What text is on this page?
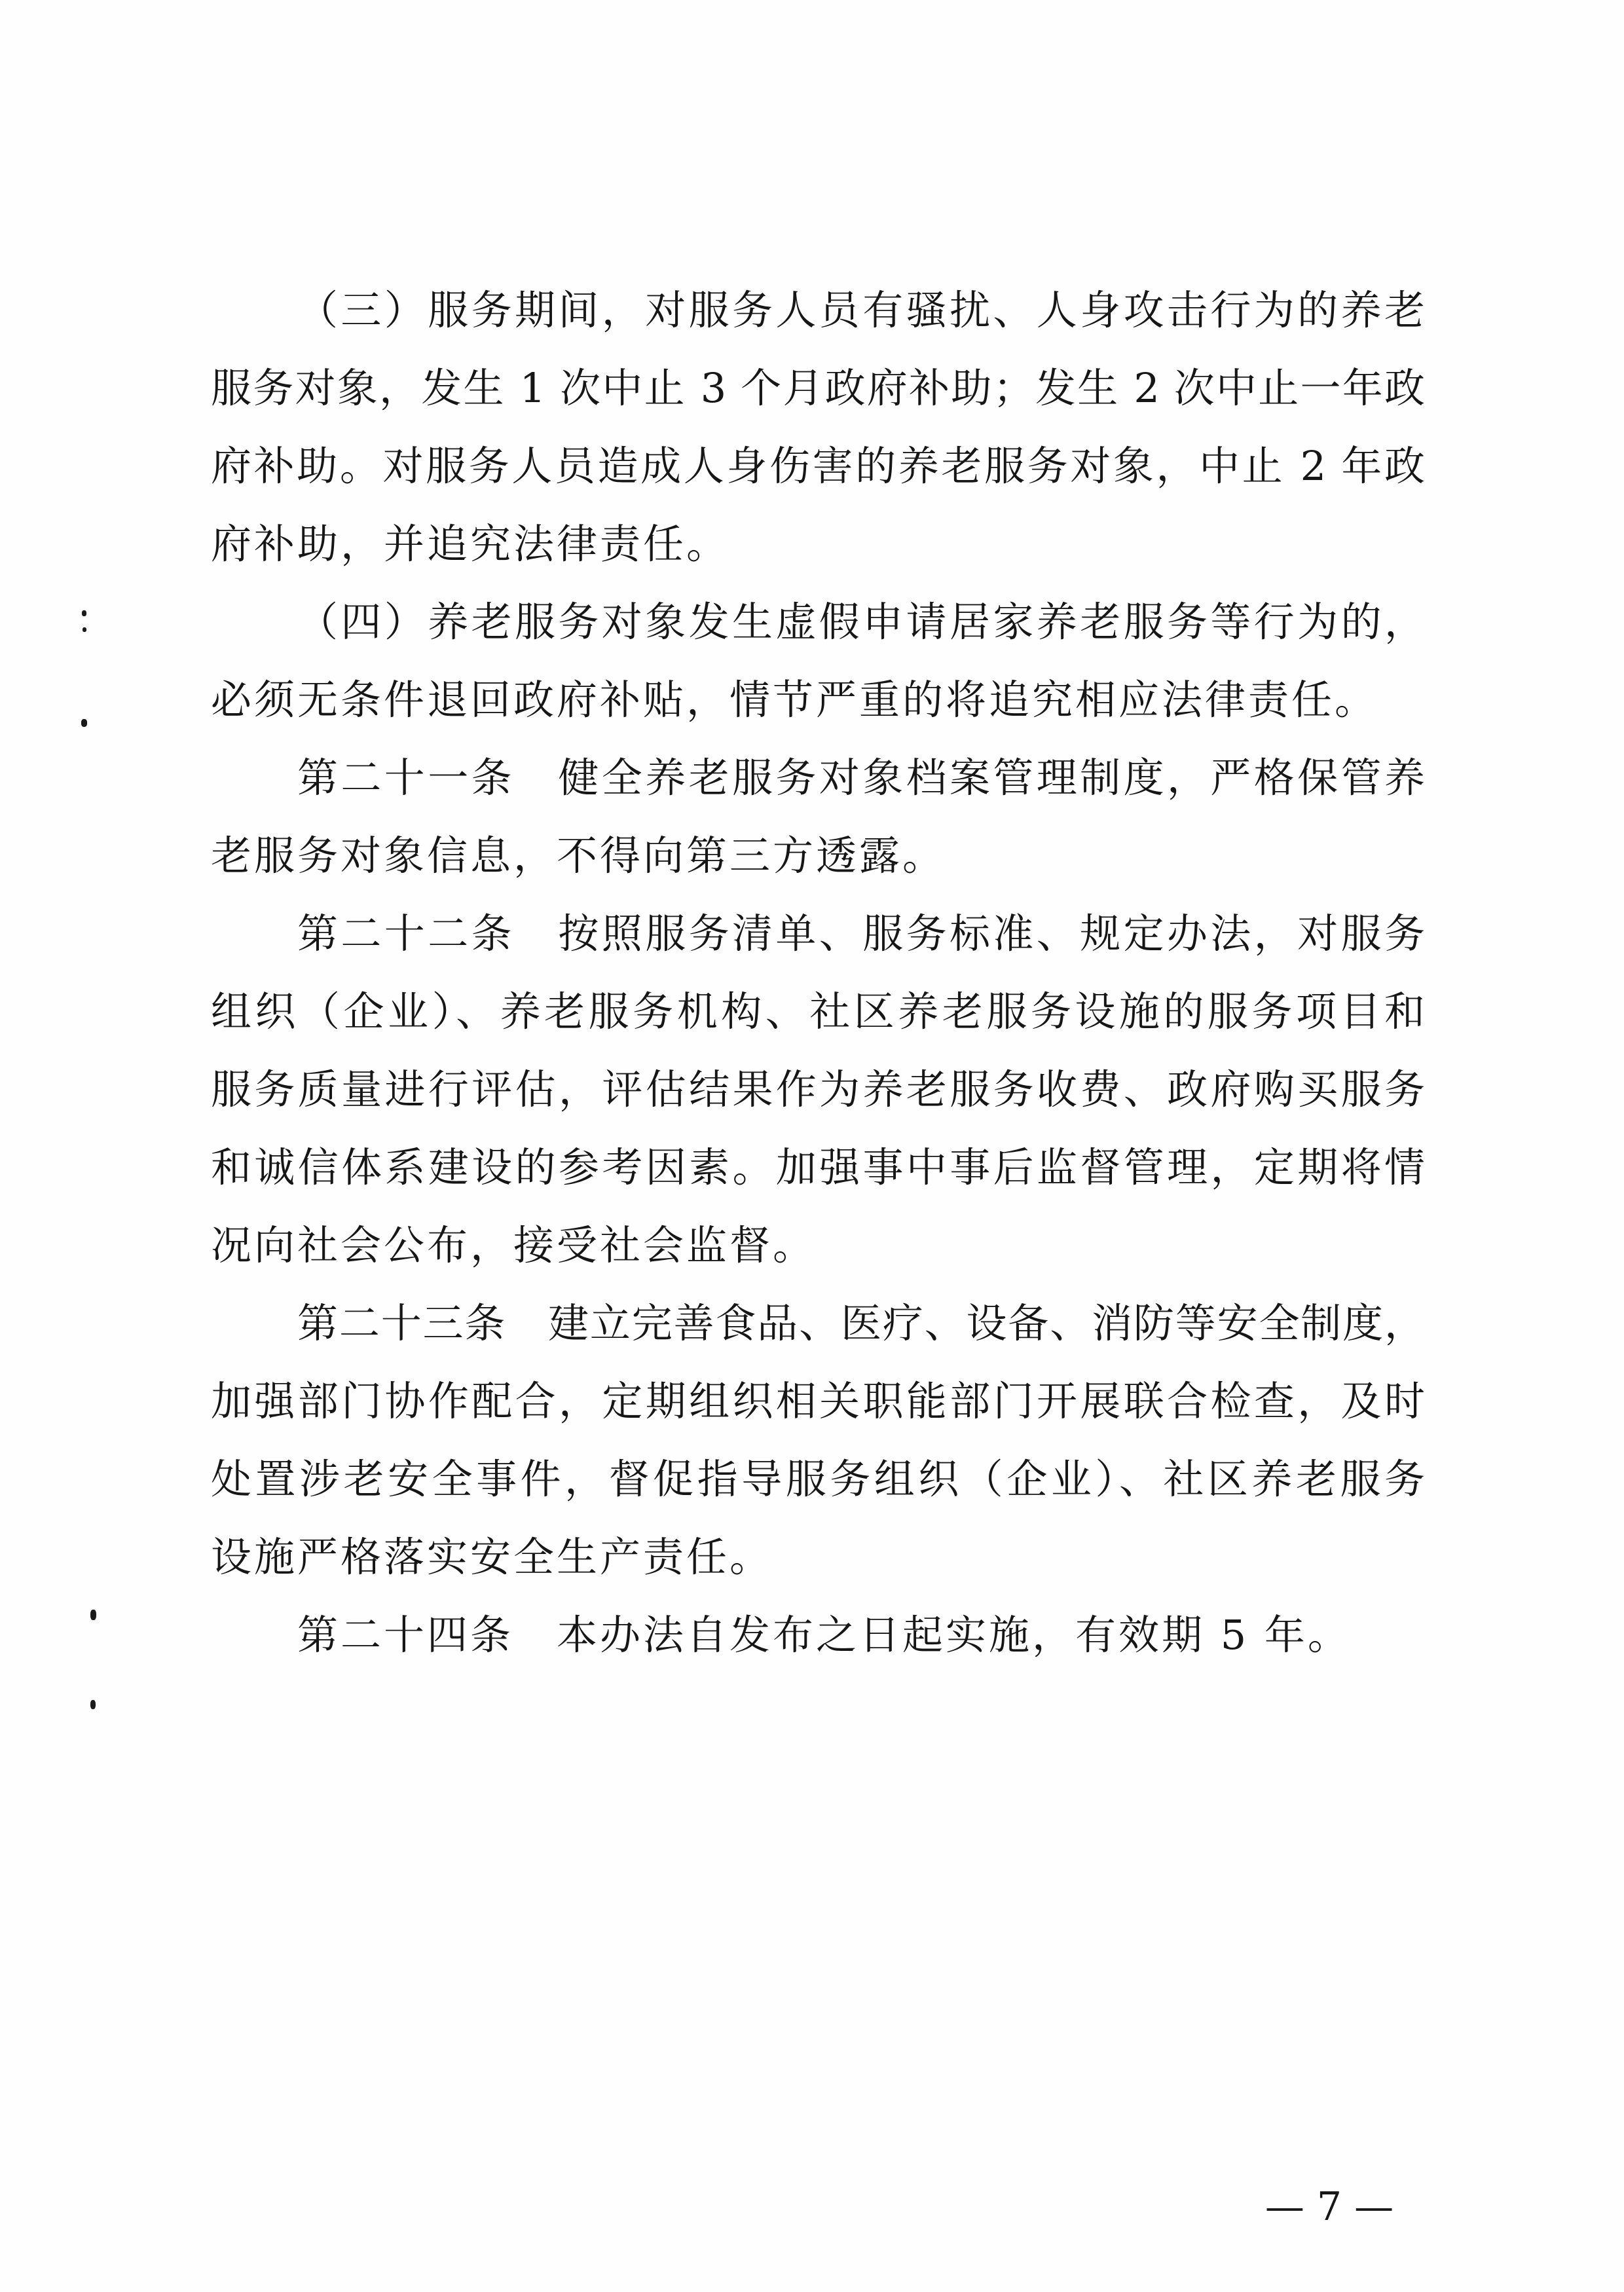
（三）服务期间，对服务人员有骚扰、人身攻击行为的养老
服务对象，发生 1 次中止 3 个月政府补助；发生 2 次中止一年政
府补助。对服务人员造成人身伤害的养老服务对象，中止 2 年政
府补助，并追究法律责任。
（四）养老服务对象发生虚假申请居家养老服务等行为的，
必须无条件退回政府补贴，情节严重的将追究相应法律责任。
第二十一条　健全养老服务对象档案管理制度，严格保管养
老服务对象信息，不得向第三方透露。
第二十二条　按照服务清单、服务标准、规定办法，对服务
组织（企业）、养老服务机构、社区养老服务设施的服务项目和
服务质量进行评估，评估结果作为养老服务收费、政府购买服务
和诚信体系建设的参考因素。加强事中事后监督管理，定期将情
况向社会公布，接受社会监督。
第二十三条　建立完善食品、医疗、设备、消防等安全制度，
加强部门协作配合，定期组织相关职能部门开展联合检查，及时
处置涉老安全事件，督促指导服务组织（企业）、社区养老服务
设施严格落实安全生产责任。
第二十四条　本办法自发布之日起实施，有效期 5 年。
— 7 —
